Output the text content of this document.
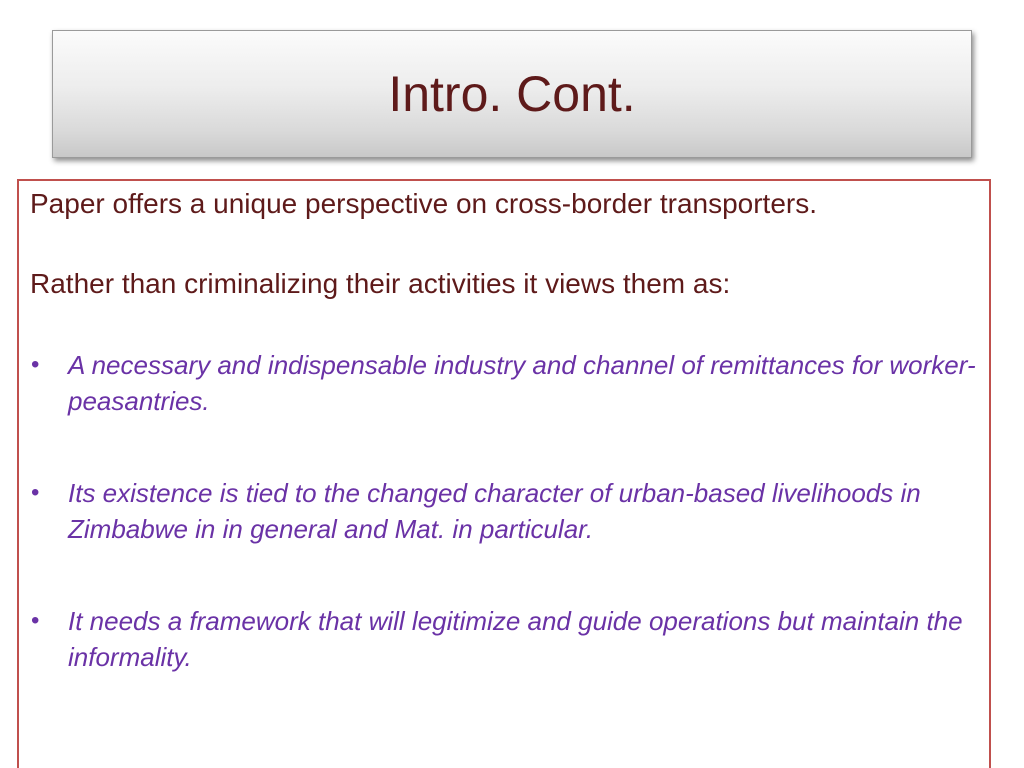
Intro. Cont.

Paper offers a unique perspective on cross-border transporters.

Rather than criminalizing their activities it views them as:

• A necessary and indispensable industry and channel of remittances for worker-peasantries.
• Its existence is tied to the changed character of urban-based livelihoods in Zimbabwe in in general and Mat. in particular.
• It needs a framework that will legitimize and guide operations but maintain the informality.
